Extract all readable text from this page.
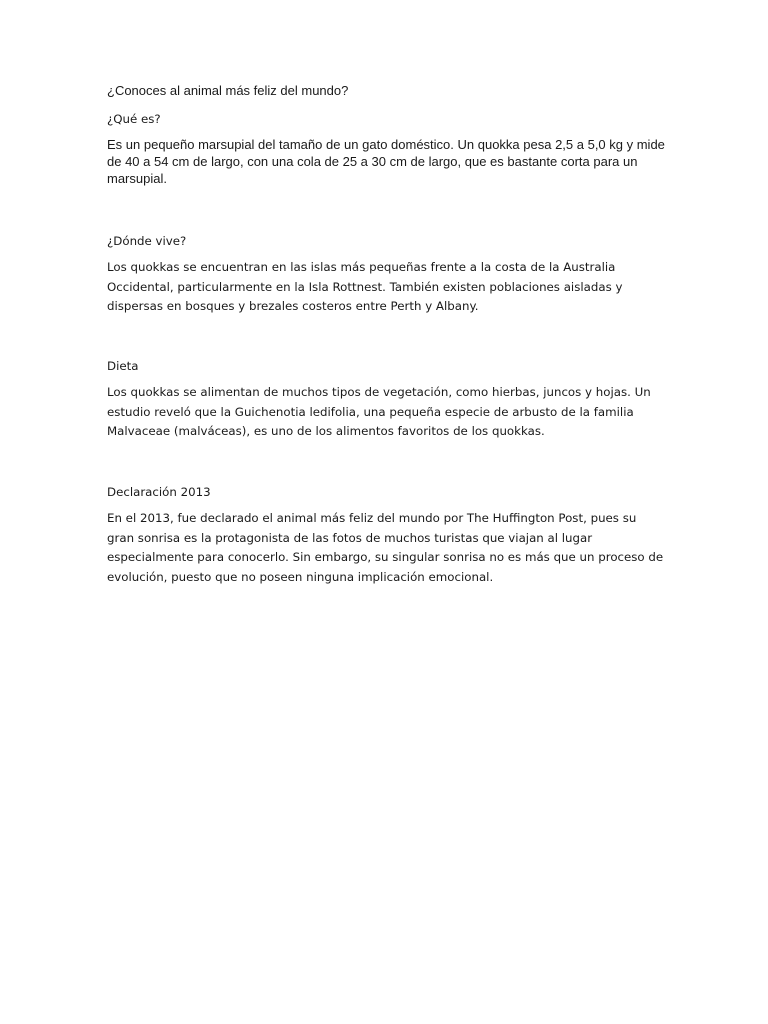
¿Conoces al animal más feliz del mundo?

¿Qué es?

Es un pequeño marsupial del tamaño de un gato doméstico. Un quokka pesa 2,5 a 5,0 kg y mide de 40 a 54 cm de largo, con una cola de 25 a 30 cm de largo, que es bastante corta para un marsupial.

¿Dónde vive?

Los quokkas se encuentran en las islas más pequeñas frente a la costa de la Australia Occidental, particularmente en la Isla Rottnest. También existen poblaciones aisladas y dispersas en bosques y brezales costeros entre Perth y Albany.

Dieta

Los quokkas se alimentan de muchos tipos de vegetación, como hierbas, juncos y hojas. Un estudio reveló que la Guichenotia ledifolia, una pequeña especie de arbusto de la familia Malvaceae (malváceas), es uno de los alimentos favoritos de los quokkas.

Declaración 2013

En el 2013, fue declarado el animal más feliz del mundo por The Huffington Post, pues su gran sonrisa es la protagonista de las fotos de muchos turistas que viajan al lugar especialmente para conocerlo. Sin embargo, su singular sonrisa no es más que un proceso de evolución, puesto que no poseen ninguna implicación emocional.
